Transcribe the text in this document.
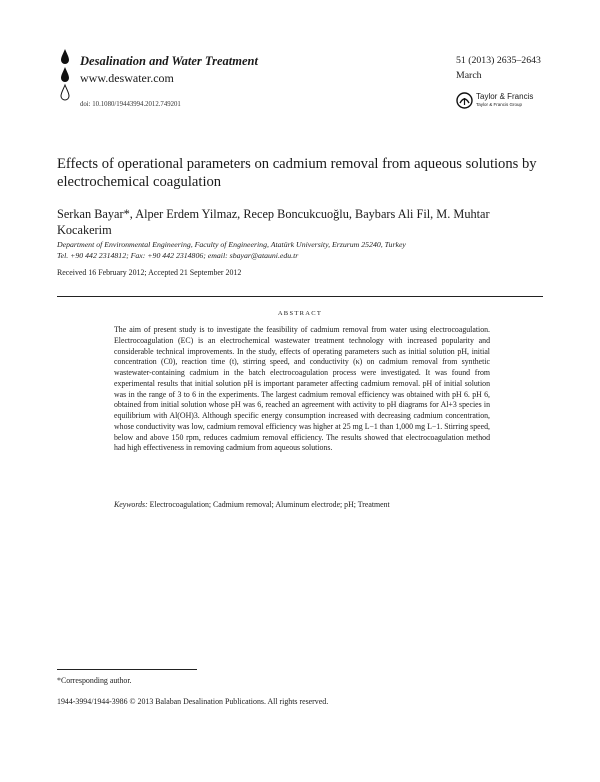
Desalination and Water Treatment
www.deswater.com
doi: 10.1080/19443994.2012.749201
51 (2013) 2635–2643
March
Taylor & Francis
Taylor & Francis Group
Effects of operational parameters on cadmium removal from aqueous solutions by electrochemical coagulation
Serkan Bayar*, Alper Erdem Yilmaz, Recep Boncukcuoğlu, Baybars Ali Fil, M. Muhtar Kocakerim
Department of Environmental Engineering, Faculty of Engineering, Atatürk University, Erzurum 25240, Turkey
Tel. +90 442 2314812; Fax: +90 442 2314806; email: sbayar@atauni.edu.tr
Received 16 February 2012; Accepted 21 September 2012
ABSTRACT
The aim of present study is to investigate the feasibility of cadmium removal from water using electrocoagulation. Electrocoagulation (EC) is an electrochemical wastewater treatment technology with increased popularity and considerable technical improvements. In the study, effects of operating parameters such as initial solution pH, initial concentration (C0), reaction time (t), stirring speed, and conductivity (κ) on cadmium removal from synthetic wastewater-containing cadmium in the batch electrocoagulation process were investigated. It was found from experimental results that initial solution pH is important parameter affecting cadmium removal. pH of initial solution was in the range of 3 to 6 in the experiments. The largest cadmium removal efficiency was obtained with pH 6. pH 6, obtained from initial solution whose pH was 6, reached an agreement with activity to pH diagrams for Al+3 species in equilibrium with Al(OH)3. Although specific energy consumption increased with decreasing cadmium concentration, whose conductivity was low, cadmium removal efficiency was higher at 25 mg L−1 than 1,000 mg L−1. Stirring speed, below and above 150 rpm, reduces cadmium removal efficiency. The results showed that electrocoagulation method had high effectiveness in removing cadmium from aqueous solutions.
Keywords: Electrocoagulation; Cadmium removal; Aluminum electrode; pH; Treatment
*Corresponding author.
1944-3994/1944-3986 © 2013 Balaban Desalination Publications. All rights reserved.
